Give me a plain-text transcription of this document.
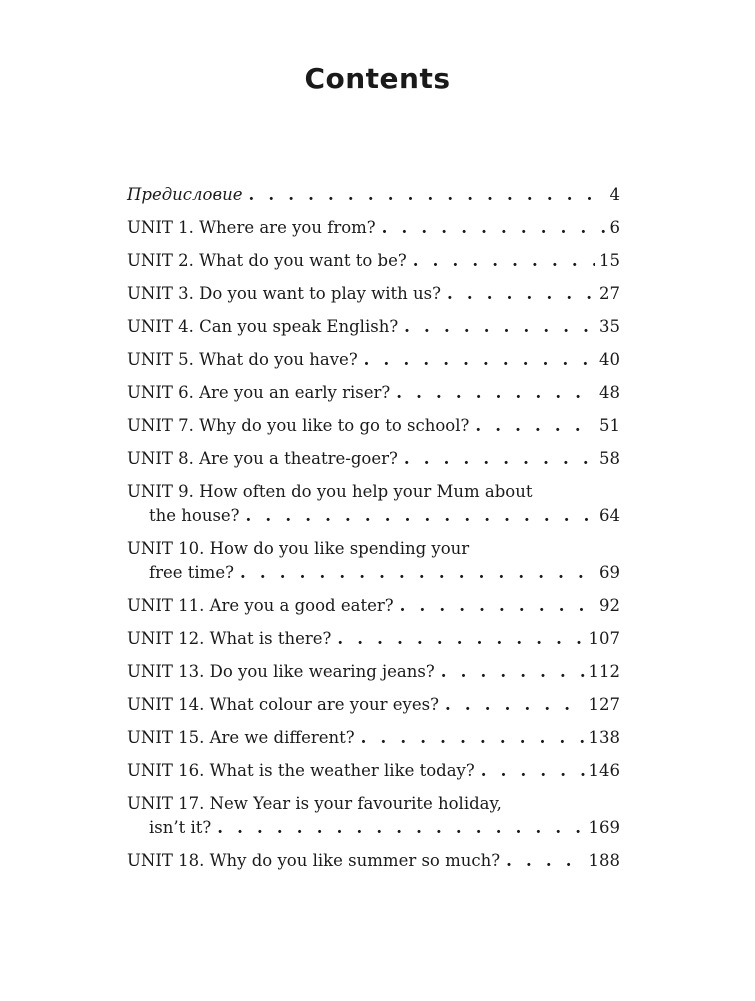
Contents
Предисловие . . .	4
UNIT 1. Where are you from? . . .	6
UNIT 2. What do you want to be? . . .	15
UNIT 3. Do you want to play with us? . . .	27
UNIT 4. Can you speak English? . . .	35
UNIT 5. What do you have? . . .	40
UNIT 6. Are you an early riser? . . .	48
UNIT 7. Why do you like to go to school? . . .	51
UNIT 8. Are you a theatre-goer? . . .	58
UNIT 9. How often do you help your Mum about
the house? . . .	64
UNIT 10. How do you like spending your
free time? . . .	69
UNIT 11. Are you a good eater? . . .	92
UNIT 12. What is there? . . .	107
UNIT 13. Do you like wearing jeans? . . .	112
UNIT 14. What colour are your eyes? . . .	127
UNIT 15. Are we different? . . .	138
UNIT 16. What is the weather like today? . . .	146
UNIT 17. New Year is your favourite holiday,
isn’t it? . . .	169
UNIT 18. Why do you like summer so much? . . .	188
